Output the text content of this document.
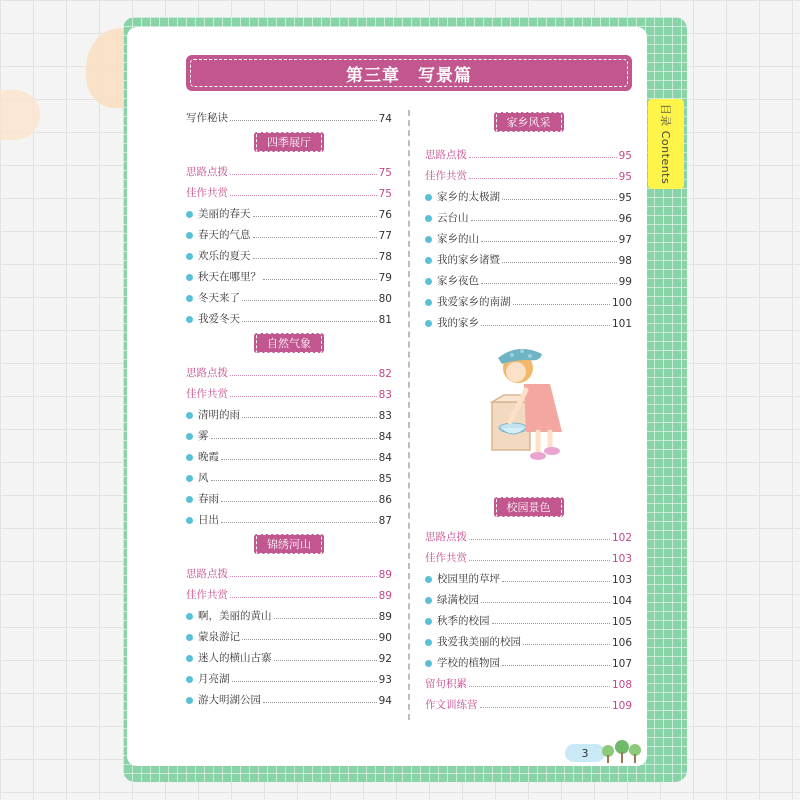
目录 Contents
第三章　写景篇
写作秘诀	74
四季展厅
思路点拨	75
佳作共赏	75
美丽的春天	76
春天的气息	77
欢乐的夏天	78
秋天在哪里？	79
冬天来了	80
我爱冬天	81
自然气象
思路点拨	82
佳作共赏	83
清明的雨	83
雾	84
晚霞	84
风	85
春雨	86
日出	87
锦绣河山
思路点拨	89
佳作共赏	89
啊，美丽的黄山	89
蒙泉游记	90
迷人的横山古寨	92
月亮湖	93
游大明湖公园	94
思路点拨	95
佳作共赏	95
家乡的太极湖	95
云台山	96
家乡的山	97
我的家乡诸暨	98
家乡夜色	99
我爱家乡的南湖	100
我的家乡	101
校园景色
思路点拨	102
佳作共赏	103
校园里的草坪	103
绿满校园	104
秋季的校园	105
我爱我美丽的校园	106
学校的植物园	107
留句积累	108
作文训练营	109
家乡风采
3
